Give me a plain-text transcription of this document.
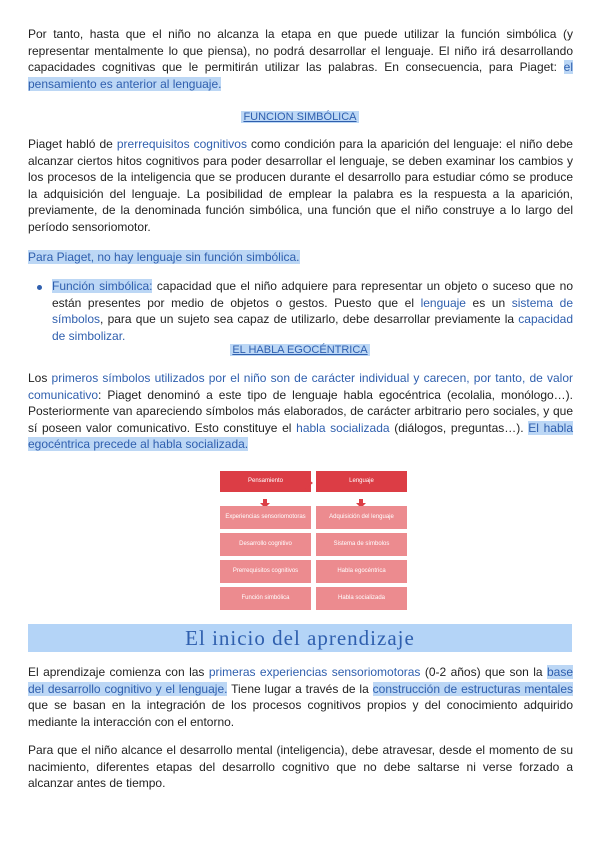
Por tanto, hasta que el niño no alcanza la etapa en que puede utilizar la función simbólica (y representar mentalmente lo que piensa), no podrá desarrollar el lenguaje. El niño irá desarrollando capacidades cognitivas que le permitirán utilizar las palabras. En consecuencia, para Piaget: el pensamiento es anterior al lenguaje.

FUNCION SIMBÓLICA

Piaget habló de prerrequisitos cognitivos como condición para la aparición del lenguaje: el niño debe alcanzar ciertos hitos cognitivos para poder desarrollar el lenguaje, se deben examinar los cambios y los procesos de la inteligencia que se producen durante el desarrollo para estudiar cómo se produce la adquisición del lenguaje. La posibilidad de emplear la palabra es la respuesta a la aparición, previamente, de la denominada función simbólica, una función que el niño construye a lo largo del período sensoriomotor.

Para Piaget, no hay lenguaje sin función simbólica.

Función simbólica: capacidad que el niño adquiere para representar un objeto o suceso que no están presentes por medio de objetos o gestos. Puesto que el lenguaje es un sistema de símbolos, para que un sujeto sea capaz de utilizarlo, debe desarrollar previamente la capacidad de simbolizar.
EL HABLA EGOCÉNTRICA

Los primeros símbolos utilizados por el niño son de carácter individual y carecen, por tanto, de valor comunicativo: Piaget denominó a este tipo de lenguaje habla egocéntrica (ecolalia, monólogo…). Posteriormente van apareciendo símbolos más elaborados, de carácter arbitrario pero sociales, y que sí poseen valor comunicativo. Esto constituye el habla socializada (diálogos, preguntas…). El habla egocéntrica precede al habla socializada.

Pensamiento	Lenguaje
Experiencias sensoriomotoras
Desarrollo cognitivo
Prerrequisitos cognitivos
Función simbólica
Adquisición del lenguaje
Sistema de símbolos
Habla egocéntrica
Habla socializada
El inicio del aprendizaje

El aprendizaje comienza con las primeras experiencias sensoriomotoras (0-2 años) que son la base del desarrollo cognitivo y el lenguaje. Tiene lugar a través de la construcción de estructuras mentales que se basan en la integración de los procesos cognitivos propios y del conocimiento adquirido mediante la interacción con el entorno.

Para que el niño alcance el desarrollo mental (inteligencia), debe atravesar, desde el momento de su nacimiento, diferentes etapas del desarrollo cognitivo que no debe saltarse ni verse forzado a alcanzar antes de tiempo.
